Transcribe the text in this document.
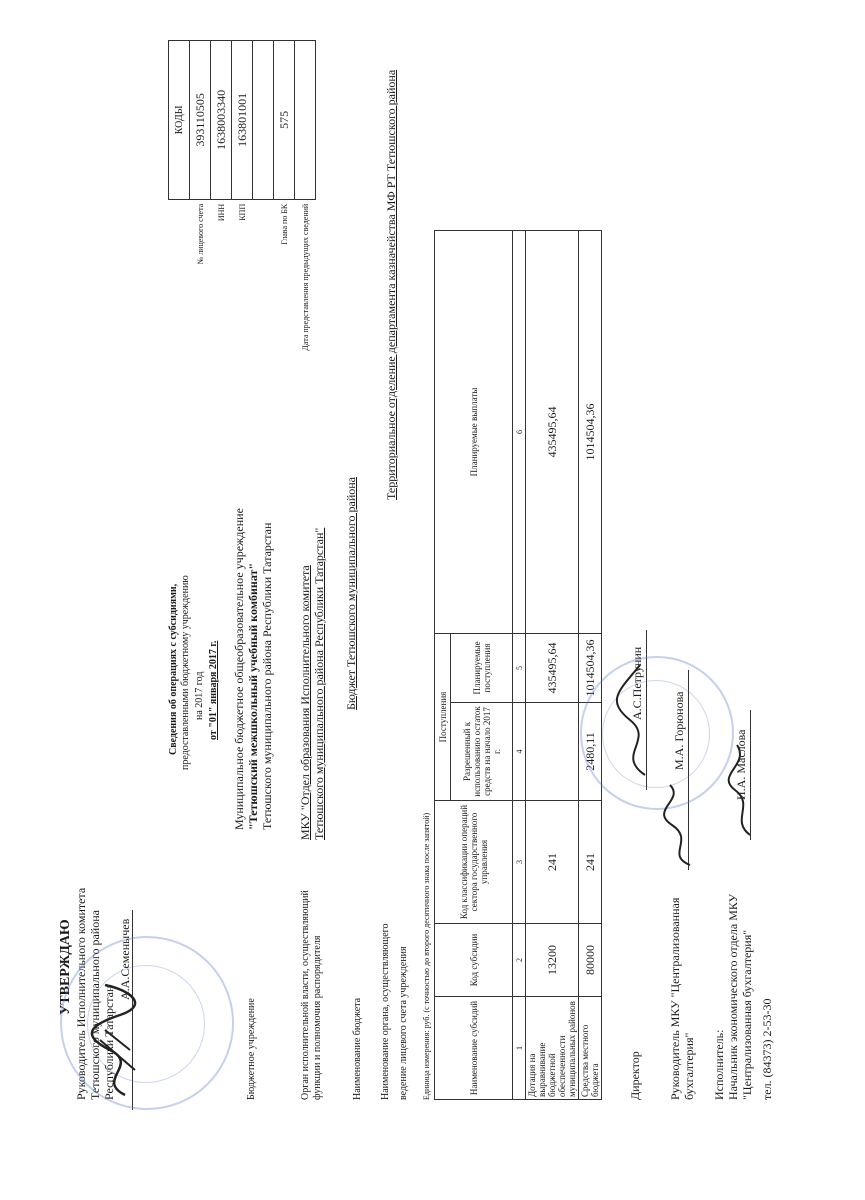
УТВЕРЖДАЮ Руководитель Исполнительного комитета Тетюшского муниципального района Республики Татарстан
А.А.Семенычев
Сведения об операциях с субсидиями, предоставленными бюджетному учреждению на 2017 год от "01" января 2017 г.
	КОДЫ
№ лицевого счета	393110505
ИНН	1638003340
КПП	163801001

Глава по БК	575
Дата представления предыдущих сведений	
Бюджетное учреждение
Муниципальное бюджетное общеобразовательное учреждение "Тетюшский межшкольный учебный комбинат" Тетюшского муниципального района Республики Татарстан
Орган исполнительной власти, осуществляющий функции и полномочия распорядителя
МКУ "Отдел образования Исполнительного комитета Тетюшского муниципального района Республики Татарстан"
Наименование бюджета
Бюджет Тетюшского муниципального района
Наименование органа, осуществляющего ведение лицевого счета учреждения
Территориальное отделение департамента казначейства МФ РТ Тетюшского района
Единица измерения: руб. (с точностью до второго десятичного знака после запятой)	Наименование субсидий	Код субсидии	Код классификации операций сектора государственного управления	Поступления		Планируемые выплаты
			Разрешенный к использованию остаток средств на начало 2017 г.	Планируемые поступления	
1	2	3	4	5	6

Дотация на выравнивание бюджетной обеспеченности муниципальных районов	13200	241		435495,64	435495,64
Средства местного бюджета	80000	241	2480,11	1014504,36	1014504,36
Директор
А.С.Петрунин
Руководитель МКУ "Централизованная бухгалтерия"
М.А. Горюнова
Исполнитель: Начальник экономического отдела МКУ "Централизованная бухгалтерия"
И.А. Маслова
тел. (84373) 2-53-30
